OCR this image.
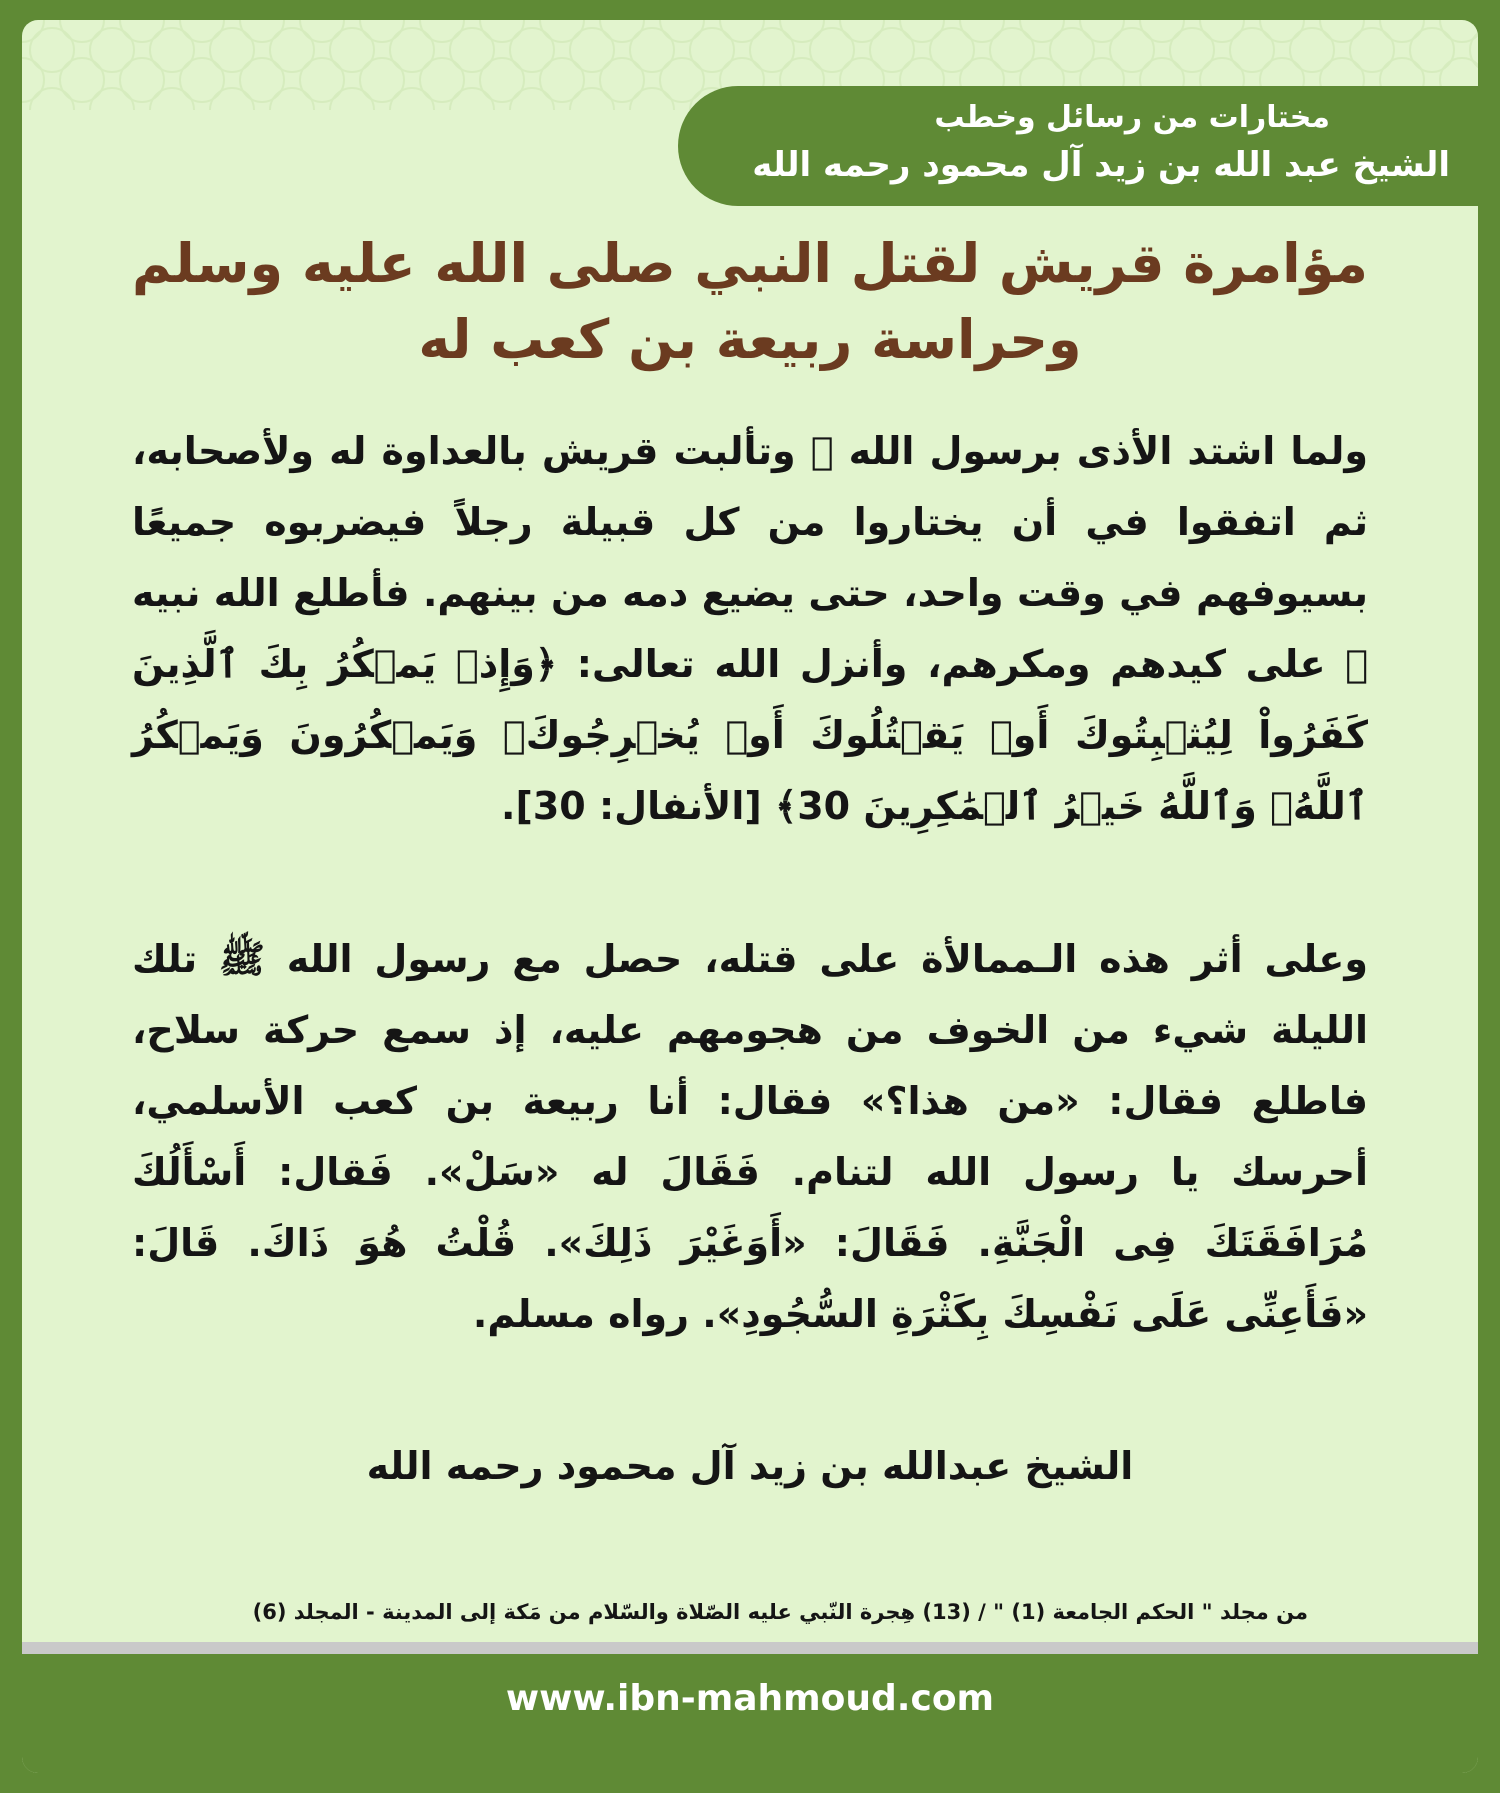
مختارات من رسائل وخطب
الشيخ عبد الله بن زيد آل محمود رحمه الله
مؤامرة قريش لقتل النبي صلى الله عليه وسلم
وحراسة ربيعة بن كعب له
ولما اشتد الأذى برسول الله ﷺ وتألبت قريش بالعداوة له ولأصحابه، ثم اتفقوا في أن يختاروا من كل قبيلة رجلاً فيضربوه جميعًا بسيوفهم في وقت واحد، حتى يضيع دمه من بينهم. فأطلع الله نبيه ﷺ على كيدهم ومكرهم، وأنزل الله تعالى: ﴿وَإِذۡ يَمۡكُرُ بِكَ ٱلَّذِينَ كَفَرُواْ لِيُثۡبِتُوكَ أَوۡ يَقۡتُلُوكَ أَوۡ يُخۡرِجُوكَۚ وَيَمۡكُرُونَ وَيَمۡكُرُ ٱللَّهُۖ وَٱللَّهُ خَيۡرُ ٱلۡمَٰكِرِينَ 30﴾ [الأنفال: 30].
وعلى أثر هذه الـممالأة على قتله، حصل مع رسول الله ﷺ تلك الليلة شيء من الخوف من هجومهم عليه، إذ سمع حركة سلاح، فاطلع فقال: «من هذا؟» فقال: أنا ربيعة بن كعب الأسلمي، أحرسك يا رسول الله لتنام. فَقَالَ له «سَلْ». فَقال: أَسْأَلُكَ مُرَافَقَتَكَ فِى الْجَنَّةِ. فَقَالَ: «أَوَغَيْرَ ذَلِكَ». قُلْتُ هُوَ ذَاكَ. قَالَ: «فَأَعِنِّى عَلَى نَفْسِكَ بِكَثْرَةِ السُّجُودِ». رواه مسلم.
الشيخ عبدالله بن زيد آل محمود رحمه الله
من مجلد " الحكم الجامعة (1) " / (13) هِجرة النّبي عليه الصّلاة والسّلام من مَكة إلى المدينة - المجلد (6)
www.ibn-mahmoud.com
